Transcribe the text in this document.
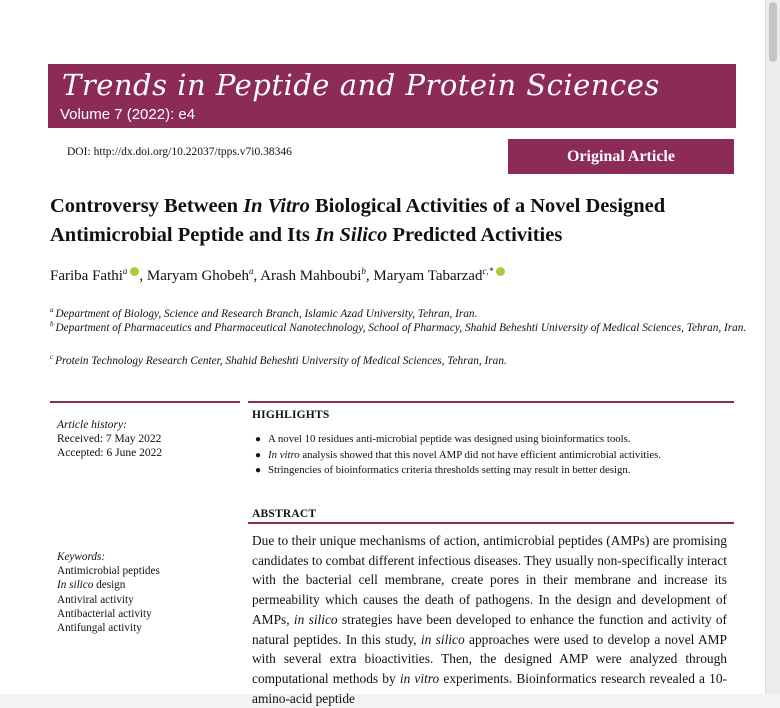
Trends in Peptide and Protein Sciences
Volume 7 (2022): e4
DOI: http://dx.doi.org/10.22037/tpps.v7i0.38346	Original Article
Controversy Between In Vitro Biological Activities of a Novel Designed
Antimicrobial Peptide and Its In Silico Predicted Activities
Fariba Fathi$^a$ , Maryam Ghobeh$^a$, Arash Mahboubi$^b$, Maryam Tabarzad$^{c,*}$
$^a$ Department of Biology, Science and Research Branch, Islamic Azad University, Tehran, Iran.
$^b$ Department of Pharmaceutics and Pharmaceutical Nanotechnology, School of Pharmacy, Shahid Beheshti University of Medical Sciences, Tehran, Iran.
$^c$ Protein Technology Research Center, Shahid Beheshti University of Medical Sciences, Tehran, Iran.
Article history:
Received: 7 May 2022
Accepted: 6 June 2022
HIGHLIGHTS
● A novel 10 residues anti-microbial peptide was designed using bioinformatics tools.
● In vitro analysis showed that this novel AMP did not have efficient antimicrobial activities.
● Stringencies of bioinformatics criteria thresholds setting may result in better design.
ABSTRACT
Keywords:
Antimicrobial peptides
In silico design
Antiviral activity
Antibacterial activity
Antifungal activity
Due to their unique mechanisms of action, antimicrobial peptides (AMPs) are promising candidates to combat different infectious diseases. They usually non-specifically interact with the bacterial cell membrane, create pores in their membrane and increase its permeability which causes the death of pathogens. In the design and development of AMPs, in silico strategies have been developed to enhance the function and activity of natural peptides. In this study, in silico approaches were used to develop a novel AMP with several extra bioactivities. Then, the designed AMP were analyzed through computational methods by in vitro experiments. Bioinformatics research revealed a 10-amino-acid peptide
